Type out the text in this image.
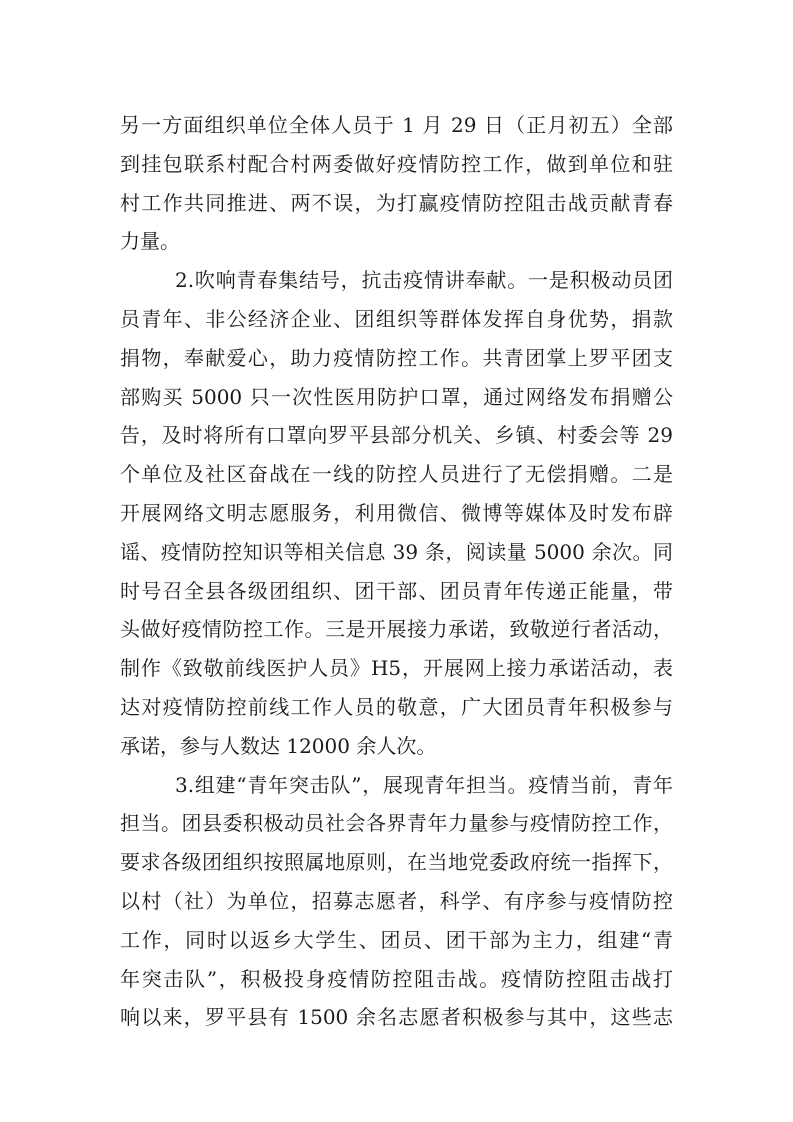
另一方面组织单位全体人员于 1 月 29 日（正月初五）全部
到挂包联系村配合村两委做好疫情防控工作，做到单位和驻
村工作共同推进、两不误，为打赢疫情防控阻击战贡献青春
力量。
2.吹响青春集结号，抗击疫情讲奉献。一是积极动员团
员青年、非公经济企业、团组织等群体发挥自身优势，捐款
捐物，奉献爱心，助力疫情防控工作。共青团掌上罗平团支
部购买 5000 只一次性医用防护口罩，通过网络发布捐赠公
告，及时将所有口罩向罗平县部分机关、乡镇、村委会等 29
个单位及社区奋战在一线的防控人员进行了无偿捐赠。二是
开展网络文明志愿服务，利用微信、微博等媒体及时发布辟
谣、疫情防控知识等相关信息 39 条，阅读量 5000 余次。同
时号召全县各级团组织、团干部、团员青年传递正能量，带
头做好疫情防控工作。三是开展接力承诺，致敬逆行者活动，
制作《致敬前线医护人员》H5，开展网上接力承诺活动，表
达对疫情防控前线工作人员的敬意，广大团员青年积极参与
承诺，参与人数达 12000 余人次。
3.组建“青年突击队”，展现青年担当。疫情当前，青年
担当。团县委积极动员社会各界青年力量参与疫情防控工作，
要求各级团组织按照属地原则，在当地党委政府统一指挥下，
以村（社）为单位，招募志愿者，科学、有序参与疫情防控
工作，同时以返乡大学生、团员、团干部为主力，组建“青
年突击队”，积极投身疫情防控阻击战。疫情防控阻击战打
响以来，罗平县有 1500 余名志愿者积极参与其中，这些志
